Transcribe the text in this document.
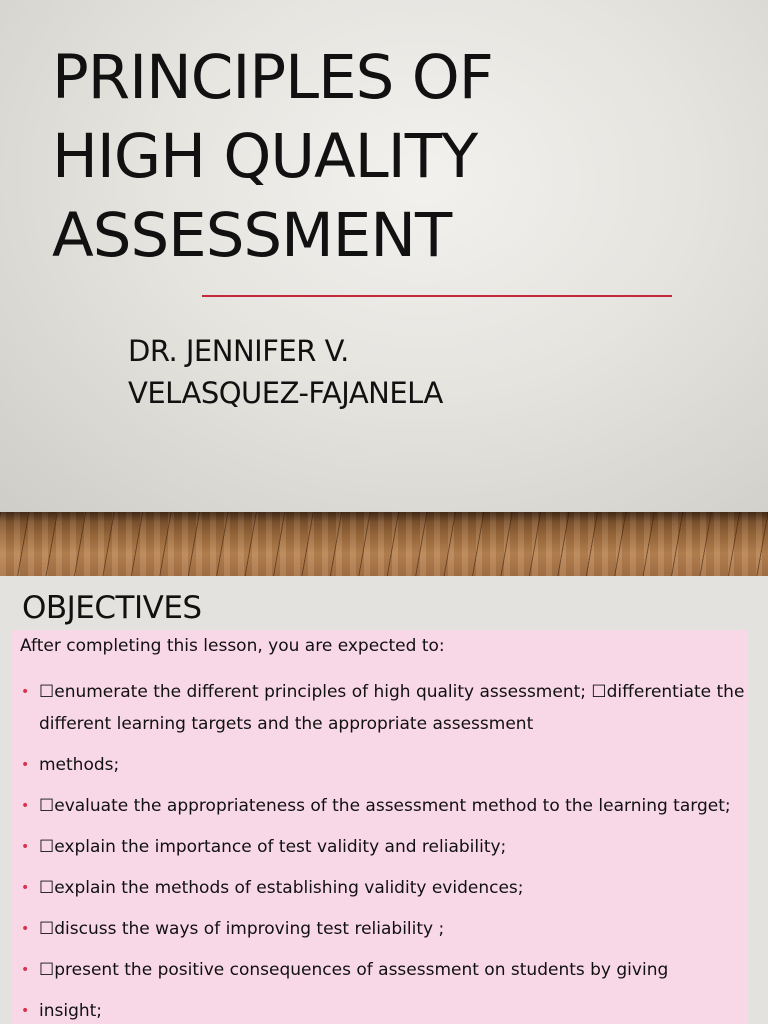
PRINCIPLES OF
HIGH QUALITY
ASSESSMENT
DR. JENNIFER V.
VELASQUEZ-FAJANELA
OBJECTIVES
After completing this lesson, you are expected to:
• ☐enumerate the different principles of high quality assessment; ☐differentiate the different learning targets and the appropriate assessment
• methods;
• ☐evaluate the appropriateness of the assessment method to the learning target;
• ☐explain the importance of test validity and reliability;
• ☐explain the methods of establishing validity evidences;
• ☐discuss the ways of improving test reliability ;
• ☐present the positive consequences of assessment on students by giving
• insight;
